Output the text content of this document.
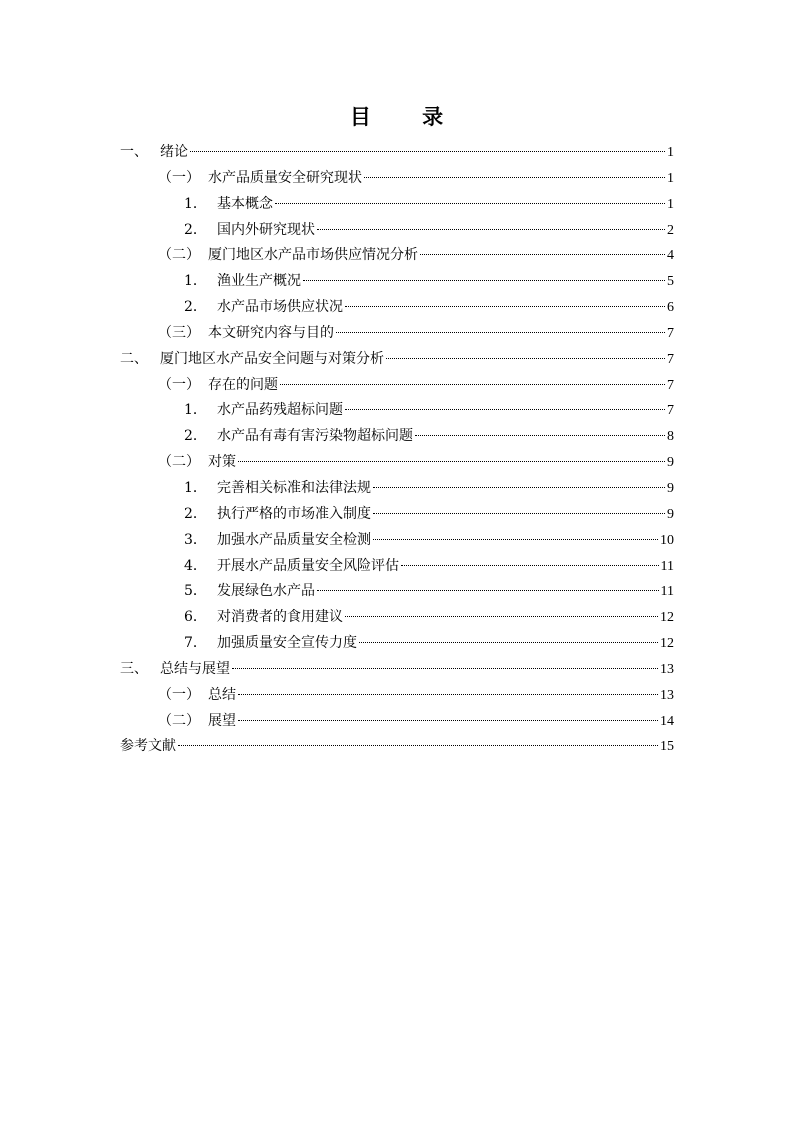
目 录
一、 绪论	1
（一） 水产品质量安全研究现状	1
1． 基本概念	1
2． 国内外研究现状	2
（二） 厦门地区水产品市场供应情况分析	4
1． 渔业生产概况	5
2． 水产品市场供应状况	6
（三） 本文研究内容与目的	7
二、 厦门地区水产品安全问题与对策分析	7
（一） 存在的问题	7
1． 水产品药残超标问题	7
2． 水产品有毒有害污染物超标问题	8
（二） 对策	9
1． 完善相关标准和法律法规	9
2． 执行严格的市场准入制度	9
3． 加强水产品质量安全检测	10
4． 开展水产品质量安全风险评估	11
5． 发展绿色水产品	11
6． 对消费者的食用建议	12
7． 加强质量安全宣传力度	12
三、 总结与展望	13
（一） 总结	13
（二） 展望	14
参考文献	15
